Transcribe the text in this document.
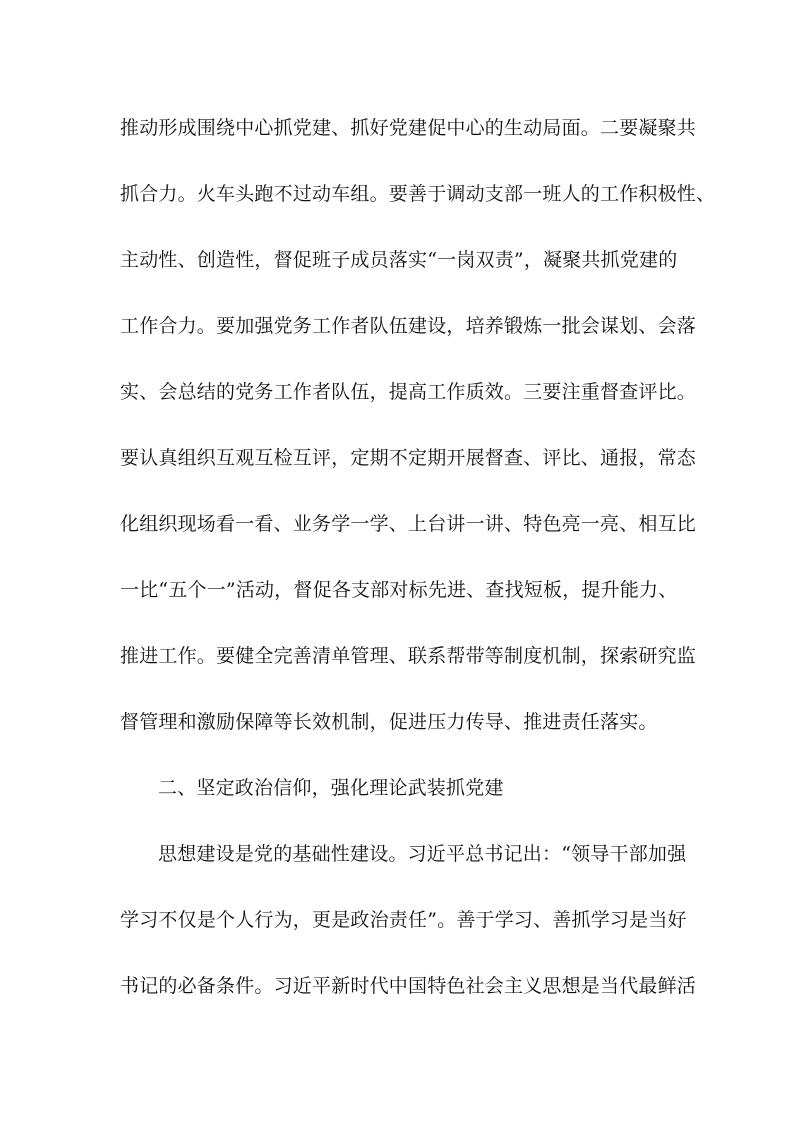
推动形成围绕中心抓党建、抓好党建促中心的生动局面。二要凝聚共
抓合力。火车头跑不过动车组。要善于调动支部一班人的工作积极性、
主动性、创造性，督促班子成员落实“一岗双责”，凝聚共抓党建的
工作合力。要加强党务工作者队伍建设，培养锻炼一批会谋划、会落
实、会总结的党务工作者队伍，提高工作质效。三要注重督查评比。
要认真组织互观互检互评，定期不定期开展督查、评比、通报，常态
化组织现场看一看、业务学一学、上台讲一讲、特色亮一亮、相互比
一比“五个一”活动，督促各支部对标先进、查找短板，提升能力、
推进工作。要健全完善清单管理、联系帮带等制度机制，探索研究监
督管理和激励保障等长效机制，促进压力传导、推进责任落实。
二、坚定政治信仰，强化理论武装抓党建
思想建设是党的基础性建设。习近平总书记出：“领导干部加强
学习不仅是个人行为，更是政治责任”。善于学习、善抓学习是当好
书记的必备条件。习近平新时代中国特色社会主义思想是当代最鲜活
